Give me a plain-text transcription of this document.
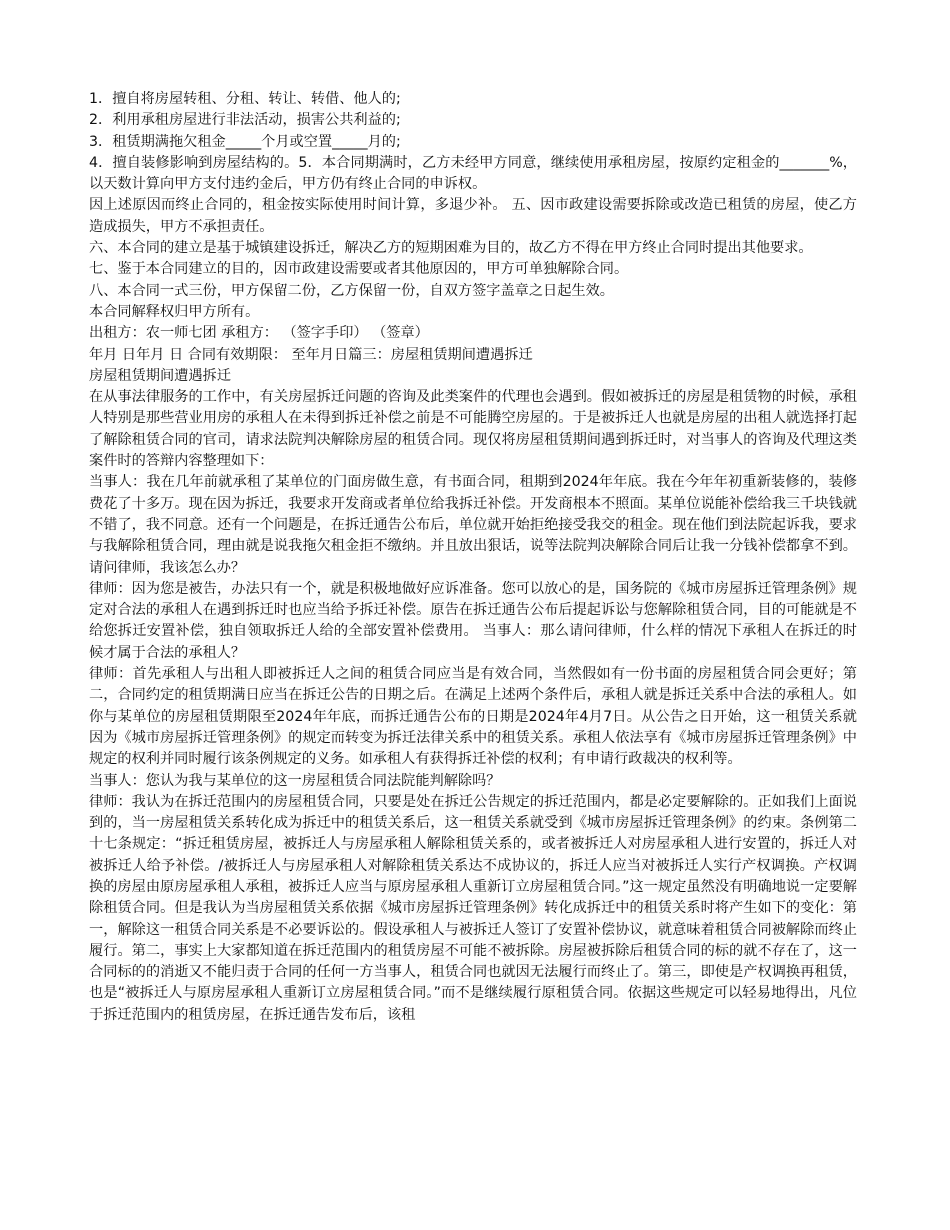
1．擅自将房屋转租、分租、转让、转借、他人的;

2．利用承租房屋进行非法活动，损害公共利益的;

3．租赁期满拖欠租金_____个月或空置_____月的;

4．擅自装修影响到房屋结构的。5．本合同期满时，乙方未经甲方同意，继续使用承租房屋，按原约定租金的_______%，以天数计算向甲方支付违约金后，甲方仍有终止合同的申诉权。

因上述原因而终止合同的，租金按实际使用时间计算，多退少补。 五、因市政建设需要拆除或改造已租赁的房屋，使乙方造成损失，甲方不承担责任。

六、本合同的建立是基于城镇建设拆迁，解决乙方的短期困难为目的，故乙方不得在甲方终止合同时提出其他要求。

七、鉴于本合同建立的目的，因市政建设需要或者其他原因的，甲方可单独解除合同。

八、本合同一式三份，甲方保留二份，乙方保留一份，自双方签字盖章之日起生效。

本合同解释权归甲方所有。

出租方：农一师七团 承租方： （签字手印） （签章）

年月 日年月 日 合同有效期限： 至年月日篇三：房屋租赁期间遭遇拆迁

房屋租赁期间遭遇拆迁

在从事法律服务的工作中，有关房屋拆迁问题的咨询及此类案件的代理也会遇到。假如被拆迁的房屋是租赁物的时候，承租人特别是那些营业用房的承租人在未得到拆迁补偿之前是不可能腾空房屋的。于是被拆迁人也就是房屋的出租人就选择打起了解除租赁合同的官司，请求法院判决解除房屋的租赁合同。现仅将房屋租赁期间遇到拆迁时，对当事人的咨询及代理这类案件时的答辩内容整理如下：

当事人：我在几年前就承租了某单位的门面房做生意，有书面合同，租期到2024年年底。我在今年年初重新装修的，装修费花了十多万。现在因为拆迁，我要求开发商或者单位给我拆迁补偿。开发商根本不照面。某单位说能补偿给我三千块钱就不错了，我不同意。还有一个问题是，在拆迁通告公布后，单位就开始拒绝接受我交的租金。现在他们到法院起诉我，要求与我解除租赁合同，理由就是说我拖欠租金拒不缴纳。并且放出狠话，说等法院判决解除合同后让我一分钱补偿都拿不到。请问律师，我该怎么办？

律师：因为您是被告，办法只有一个，就是积极地做好应诉准备。您可以放心的是，国务院的《城市房屋拆迁管理条例》规定对合法的承租人在遇到拆迁时也应当给予拆迁补偿。原告在拆迁通告公布后提起诉讼与您解除租赁合同，目的可能就是不给您拆迁安置补偿，独自领取拆迁人给的全部安置补偿费用。 当事人：那么请问律师，什么样的情况下承租人在拆迁的时候才属于合法的承租人？

律师：首先承租人与出租人即被拆迁人之间的租赁合同应当是有效合同，当然假如有一份书面的房屋租赁合同会更好；第二，合同约定的租赁期满日应当在拆迁公告的日期之后。在满足上述两个条件后，承租人就是拆迁关系中合法的承租人。如你与某单位的房屋租赁期限至2024年年底，而拆迁通告公布的日期是2024年4月7日。从公告之日开始，这一租赁关系就因为《城市房屋拆迁管理条例》的规定而转变为拆迁法律关系中的租赁关系。承租人依法享有《城市房屋拆迁管理条例》中规定的权利并同时履行该条例规定的义务。如承租人有获得拆迁补偿的权利；有申请行政裁决的权利等。

当事人：您认为我与某单位的这一房屋租赁合同法院能判解除吗？

律师：我认为在拆迁范围内的房屋租赁合同，只要是处在拆迁公告规定的拆迁范围内，都是必定要解除的。正如我们上面说到的，当一房屋租赁关系转化成为拆迁中的租赁关系后，这一租赁关系就受到《城市房屋拆迁管理条例》的约束。条例第二十七条规定：“拆迁租赁房屋，被拆迁人与房屋承租人解除租赁关系的，或者被拆迁人对房屋承租人进行安置的，拆迁人对被拆迁人给予补偿。/被拆迁人与房屋承租人对解除租赁关系达不成协议的，拆迁人应当对被拆迁人实行产权调换。产权调换的房屋由原房屋承租人承租，被拆迁人应当与原房屋承租人重新订立房屋租赁合同。”这一规定虽然没有明确地说一定要解除租赁合同。但是我认为当房屋租赁关系依据《城市房屋拆迁管理条例》转化成拆迁中的租赁关系时将产生如下的变化：第一，解除这一租赁合同关系是不必要诉讼的。假设承租人与被拆迁人签订了安置补偿协议，就意味着租赁合同被解除而终止履行。第二，事实上大家都知道在拆迁范围内的租赁房屋不可能不被拆除。房屋被拆除后租赁合同的标的就不存在了，这一合同标的的消逝又不能归责于合同的任何一方当事人，租赁合同也就因无法履行而终止了。第三，即使是产权调换再租赁，也是“被拆迁人与原房屋承租人重新订立房屋租赁合同。”而不是继续履行原租赁合同。依据这些规定可以轻易地得出，凡位于拆迁范围内的租赁房屋，在拆迁通告发布后，该租
